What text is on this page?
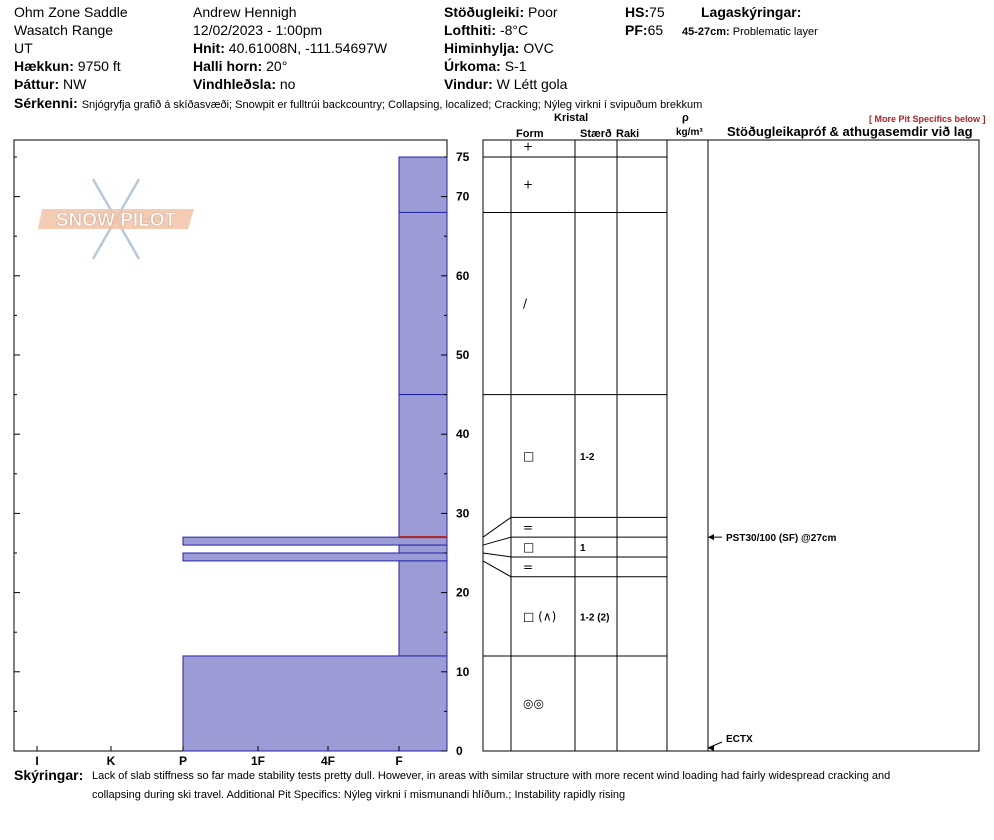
Ohm Zone Saddle
Wasatch Range
UT
Hækkun: 9750 ft
Þáttur: NW
Andrew Hennigh
12/02/2023 - 1:00pm
Hnit: 40.61008N, -111.54697W
Halli horn: 20°
Vindhleðsla: no
Stöðugleiki: Poor
Lofthiti: -8°C
Himinhylja: OVC
Úrkoma: S-1
Vindur: W Létt gola
HS:75
PF:65
Lagaskýringar:
45-27cm: Problematic layer
Sérkenni: Snjógryfja grafið á skíðasvæði; Snowpit er fulltrúi backcountry; Collapsing, localized; Cracking; Nýleg virkni í svipuðum brekkum
[ More Pit Specifics below ]
Kristal
Form	Stærð Raki
ρ
kg/m³ Stöðugleikapróf & athugasemdir við lag
SNOW PILOT
I	K	P	1F	4F	F
0
10
20
30
40
50
60
70
75
+
+
/
□	1-2
=
□	1
=
□ (∧) 1-2 (2)
◎◎
PST30/100 (SF) @27cm
ECTX
Skýringar: Lack of slab stiffness so far made stability tests pretty dull. However, in areas with similar structure with more recent wind loading had fairly widespread cracking and
collapsing during ski travel. Additional Pit Specifics: Nýleg virkni í mismunandi hlíðum.; Instability rapidly rising
